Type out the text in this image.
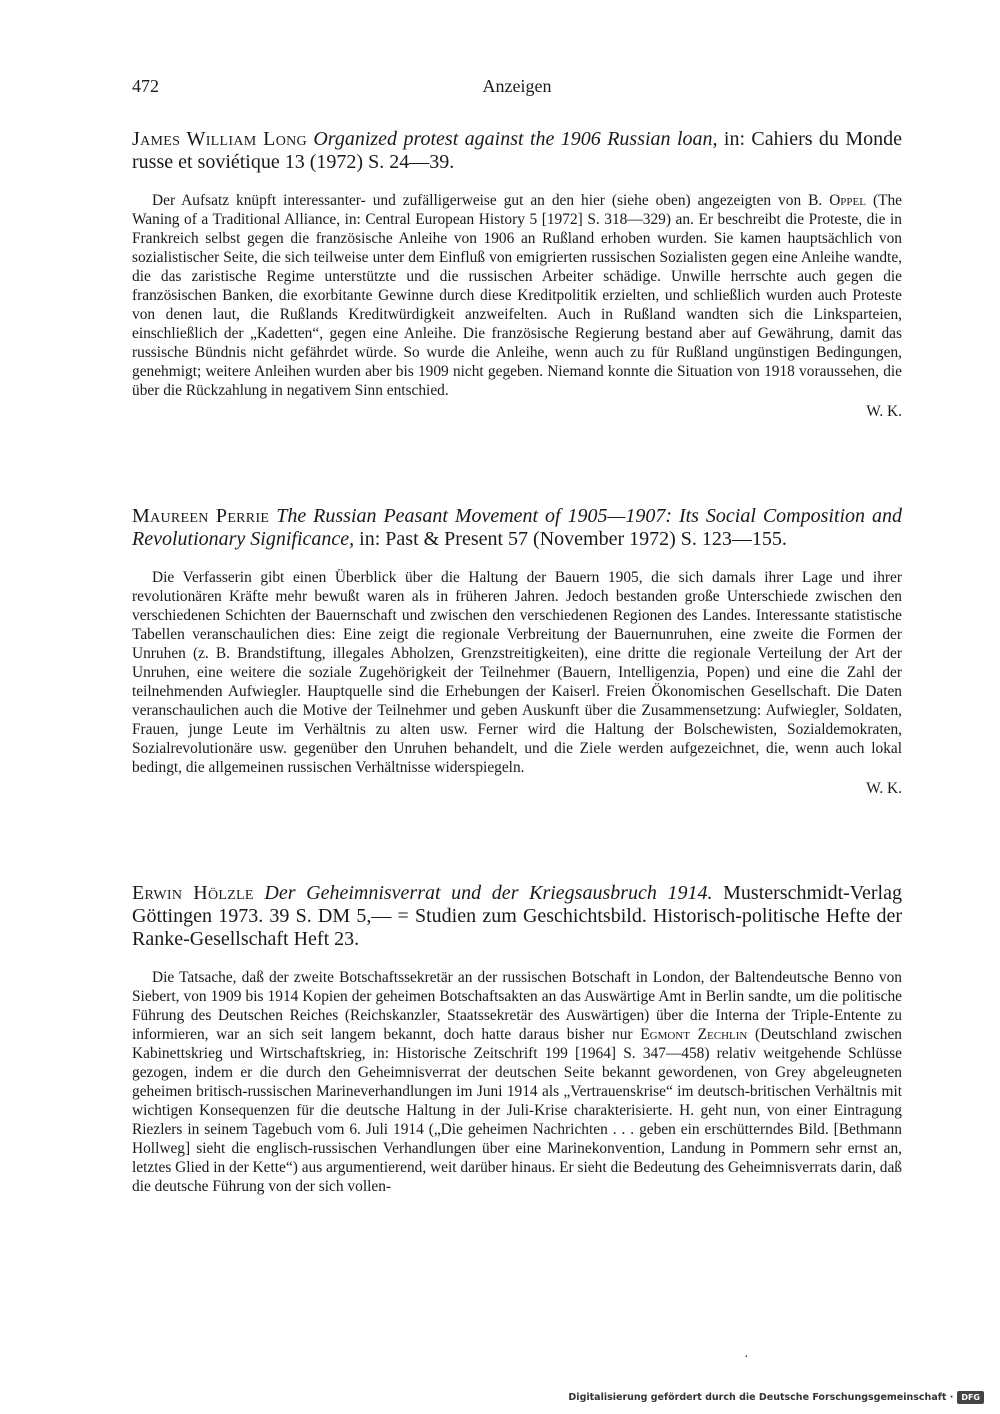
472	Anzeigen
James William Long Organized protest against the 1906 Russian loan, in: Cahiers du Monde russe et soviétique 13 (1972) S. 24—39.

Der Aufsatz knüpft interessanter- und zufälligerweise gut an den hier (siehe oben) angezeigten von B. Oppel (The Waning of a Traditional Alliance, in: Central European History 5 [1972] S. 318—329) an. Er beschreibt die Proteste, die in Frankreich selbst gegen die französische Anleihe von 1906 an Rußland erhoben wurden. Sie kamen hauptsächlich von sozialistischer Seite, die sich teilweise unter dem Einfluß von emigrierten russischen Sozialisten gegen eine Anleihe wandte, die das zaristische Regime unterstützte und die russischen Arbeiter schädige. Unwille herrschte auch gegen die französischen Banken, die exorbitante Gewinne durch diese Kreditpolitik erzielten, und schließlich wurden auch Proteste von denen laut, die Rußlands Kreditwürdigkeit anzweifelten. Auch in Rußland wandten sich die Linksparteien, einschließlich der „Kadetten“, gegen eine Anleihe. Die französische Regierung bestand aber auf Gewährung, damit das russische Bündnis nicht gefährdet würde. So wurde die Anleihe, wenn auch zu für Rußland ungünstigen Bedingungen, genehmigt; weitere Anleihen wurden aber bis 1909 nicht gegeben. Niemand konnte die Situation von 1918 voraussehen, die über die Rückzahlung in negativem Sinn entschied.

W. K.
Maureen Perrie The Russian Peasant Movement of 1905—1907: Its Social Composition and Revolutionary Significance, in: Past & Present 57 (November 1972) S. 123—155.

Die Verfasserin gibt einen Überblick über die Haltung der Bauern 1905, die sich damals ihrer Lage und ihrer revolutionären Kräfte mehr bewußt waren als in früheren Jahren. Jedoch bestanden große Unterschiede zwischen den verschiedenen Schichten der Bauernschaft und zwischen den verschiedenen Regionen des Landes. Interessante statistische Tabellen veranschaulichen dies: Eine zeigt die regionale Verbreitung der Bauernunruhen, eine zweite die Formen der Unruhen (z. B. Brandstiftung, illegales Abholzen, Grenzstreitigkeiten), eine dritte die regionale Verteilung der Art der Unruhen, eine weitere die soziale Zugehörigkeit der Teilnehmer (Bauern, Intelligenzia, Popen) und eine die Zahl der teilnehmenden Aufwiegler. Hauptquelle sind die Erhebungen der Kaiserl. Freien Ökonomischen Gesellschaft. Die Daten veranschaulichen auch die Motive der Teilnehmer und geben Auskunft über die Zusammensetzung: Aufwiegler, Soldaten, Frauen, junge Leute im Verhältnis zu alten usw. Ferner wird die Haltung der Bolschewisten, Sozialdemokraten, Sozialrevolutionäre usw. gegenüber den Unruhen behandelt, und die Ziele werden aufgezeichnet, die, wenn auch lokal bedingt, die allgemeinen russischen Verhältnisse widerspiegeln.

W. K.
Erwin Hölzle Der Geheimnisverrat und der Kriegsausbruch 1914. Musterschmidt-Verlag Göttingen 1973. 39 S. DM 5,— = Studien zum Geschichtsbild. Historisch-politische Hefte der Ranke-Gesellschaft Heft 23.

Die Tatsache, daß der zweite Botschaftssekretär an der russischen Botschaft in London, der Baltendeutsche Benno von Siebert, von 1909 bis 1914 Kopien der geheimen Botschaftsakten an das Auswärtige Amt in Berlin sandte, um die politische Führung des Deutschen Reiches (Reichskanzler, Staatssekretär des Auswärtigen) über die Interna der Triple-Entente zu informieren, war an sich seit langem bekannt, doch hatte daraus bisher nur Egmont Zechlin (Deutschland zwischen Kabinettskrieg und Wirtschaftskrieg, in: Historische Zeitschrift 199 [1964] S. 347—458) relativ weitgehende Schlüsse gezogen, indem er die durch den Geheimnisverrat der deutschen Seite bekannt gewordenen, von Grey abgeleugneten geheimen britisch-russischen Marineverhandlungen im Juni 1914 als „Vertrauenskrise“ im deutsch-britischen Verhältnis mit wichtigen Konsequenzen für die deutsche Haltung in der Juli-Krise charakterisierte. H. geht nun, von einer Eintragung Riezlers in seinem Tagebuch vom 6. Juli 1914 („Die geheimen Nachrichten . . . geben ein erschütterndes Bild. [Bethmann Hollweg] sieht die englisch-russischen Verhandlungen über eine Marinekonvention, Landung in Pommern sehr ernst an, letztes Glied in der Kette“) aus argumentierend, weit darüber hinaus. Er sieht die Bedeutung des Geheimnisverrats darin, daß die deutsche Führung von der sich vollen-

·
Digitalisierung gefördert durch die Deutsche Forschungsgemeinschaft ·	DFG
